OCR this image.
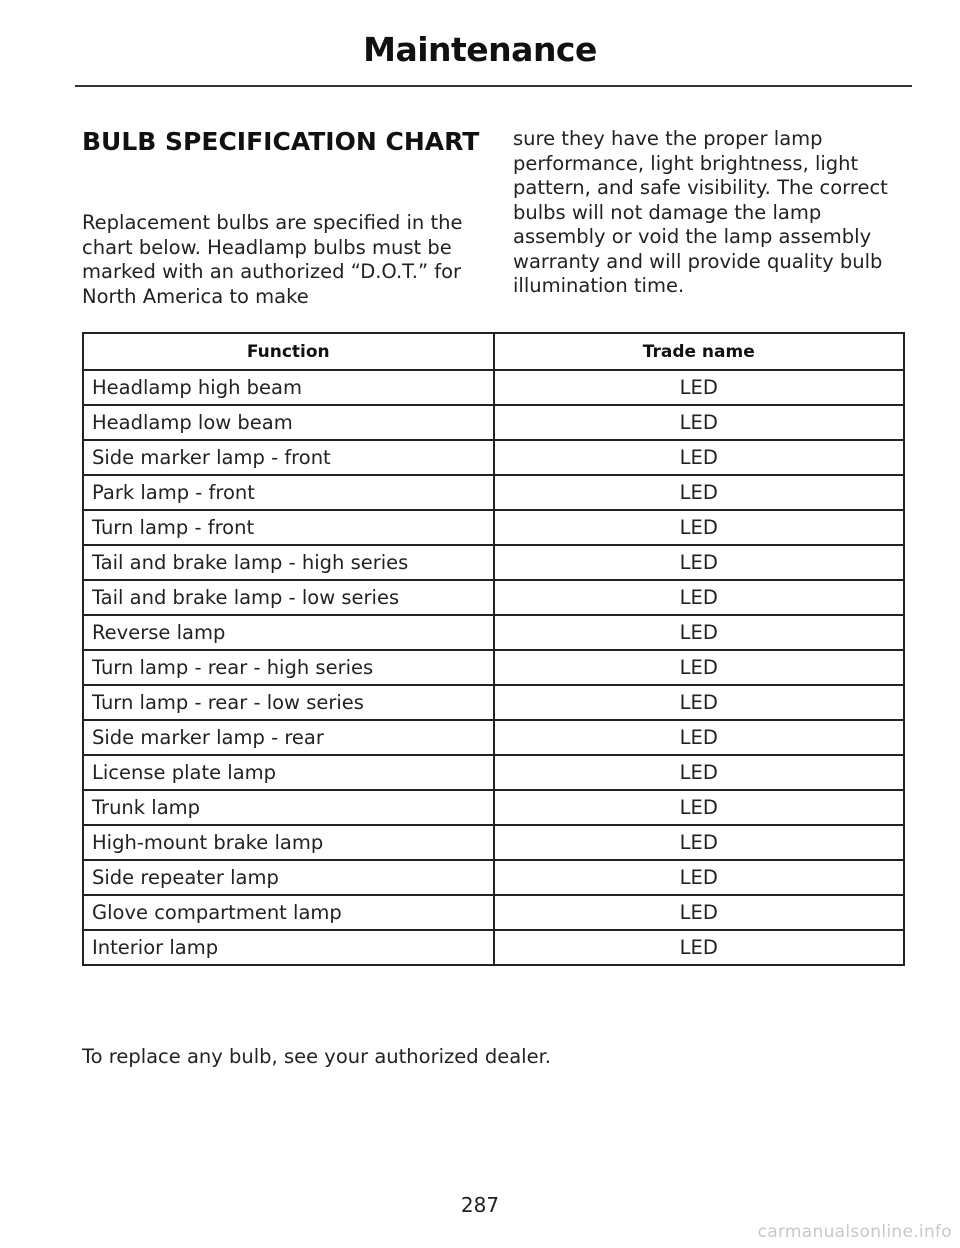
Maintenance
BULB SPECIFICATION CHART
Replacement bulbs are specified in the chart below. Headlamp bulbs must be marked with an authorized “D.O.T.” for North America to make
sure they have the proper lamp performance, light brightness, light pattern, and safe visibility. The correct bulbs will not damage the lamp assembly or void the lamp assembly warranty and will provide quality bulb illumination time.
Function	Trade name
Headlamp high beam	LED
Headlamp low beam	LED
Side marker lamp - front	LED
Park lamp - front	LED
Turn lamp - front	LED
Tail and brake lamp - high series	LED
Tail and brake lamp - low series	LED
Reverse lamp	LED
Turn lamp - rear - high series	LED
Turn lamp - rear - low series	LED
Side marker lamp - rear	LED
License plate lamp	LED
Trunk lamp	LED
High-mount brake lamp	LED
Side repeater lamp	LED
Glove compartment lamp	LED
Interior lamp	LED
To replace any bulb, see your authorized dealer.
287
carmanualsonline.info
